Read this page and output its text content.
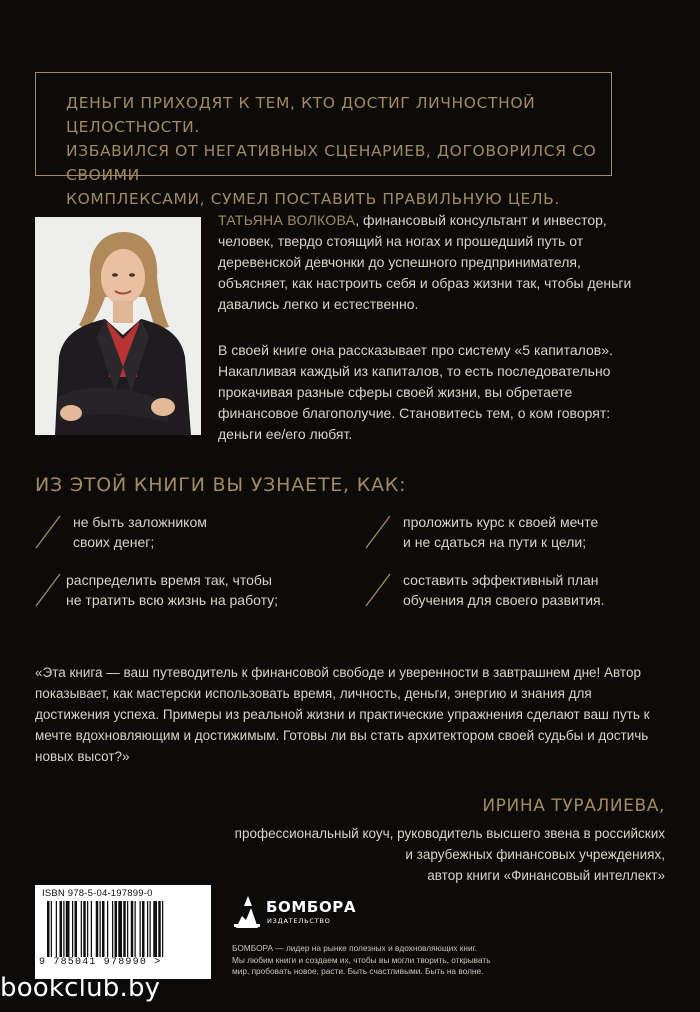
ДЕНЬГИ ПРИХОДЯТ К ТЕМ, КТО ДОСТИГ ЛИЧНОСТНОЙ ЦЕЛОСТНОСТИ.
ИЗБАВИЛСЯ ОТ НЕГАТИВНЫХ СЦЕНАРИЕВ, ДОГОВОРИЛСЯ СО СВОИМИ
КОМПЛЕКСАМИ, СУМЕЛ ПОСТАВИТЬ ПРАВИЛЬНУЮ ЦЕЛЬ.

ТАТЬЯНА ВОЛКОВА, финансовый консультант и инвестор, человек, твердо стоящий на ногах и прошедший путь от деревенской девчонки до успешного предпринимателя, объясняет, как настроить себя и образ жизни так, чтобы деньги давались легко и естественно.

В своей книге она рассказывает про систему «5 капиталов». Накапливая каждый из капиталов, то есть последовательно прокачивая разные сферы своей жизни, вы обретаете финансовое благополучие. Становитесь тем, о ком говорят: деньги ее/его любят.

ИЗ ЭТОЙ КНИГИ ВЫ УЗНАЕТЕ, КАК:
не быть заложником
своих денег;
проложить курс к своей мечте
и не сдаться на пути к цели;
распределить время так, чтобы
не тратить всю жизнь на работу;
составить эффективный план
обучения для своего развития.

«Эта книга — ваш путеводитель к финансовой свободе и уверенности в завтрашнем дне! Автор показывает, как мастерски использовать время, личность, деньги, энергию и знания для достижения успеха. Примеры из реальной жизни и практические упражнения сделают ваш путь к мечте вдохновляющим и достижимым. Готовы ли вы стать архитектором своей судьбы и достичь новых высот?»

ИРИНА ТУРАЛИЕВА,
профессиональный коуч, руководитель высшего звена в российских
и зарубежных финансовых учреждениях,
автор книги «Финансовый интеллект»
ISBN 978-5-04-197899-0
9 785041 978990 >
БОМБОРА
ИЗДАТЕЛЬСТВО
БОМБОРА — лидер на рынке полезных и вдохновляющих книг.
Мы любим книги и создаем их, чтобы вы могли творить, открывать
мир, пробовать новое, расти. Быть счастливыми. Быть на волне.
bookclub.by
